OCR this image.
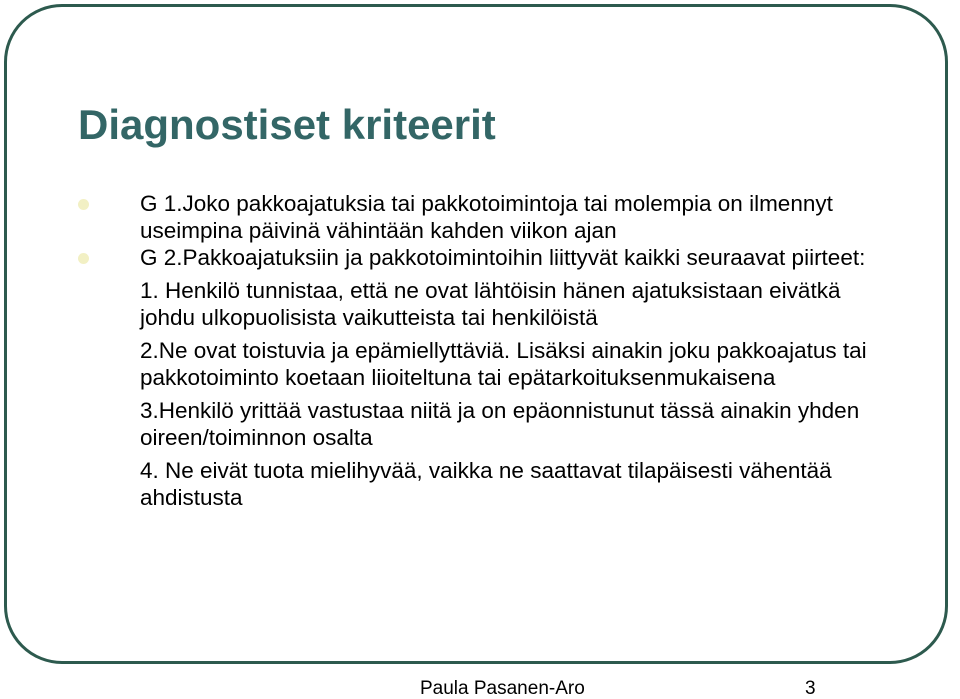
Diagnostiset kriteerit

G 1.Joko pakkoajatuksia tai pakkotoimintoja tai molempia on ilmennyt useimpina päivinä vähintään kahden viikon ajan

G 2.Pakkoajatuksiin ja pakkotoimintoihin liittyvät kaikki seuraavat piirteet:

1. Henkilö tunnistaa, että ne ovat lähtöisin hänen ajatuksistaan eivätkä johdu ulkopuolisista vaikutteista tai henkilöistä

2.Ne ovat toistuvia ja epämiellyttäviä. Lisäksi ainakin joku pakkoajatus tai pakkotoiminto koetaan liioiteltuna tai epätarkoituksenmukaisena

3.Henkilö yrittää vastustaa niitä ja on epäonnistunut tässä ainakin yhden oireen/toiminnon osalta

4. Ne eivät tuota mielihyvää, vaikka ne saattavat tilapäisesti vähentää ahdistusta

Paula Pasanen-Aro	3
